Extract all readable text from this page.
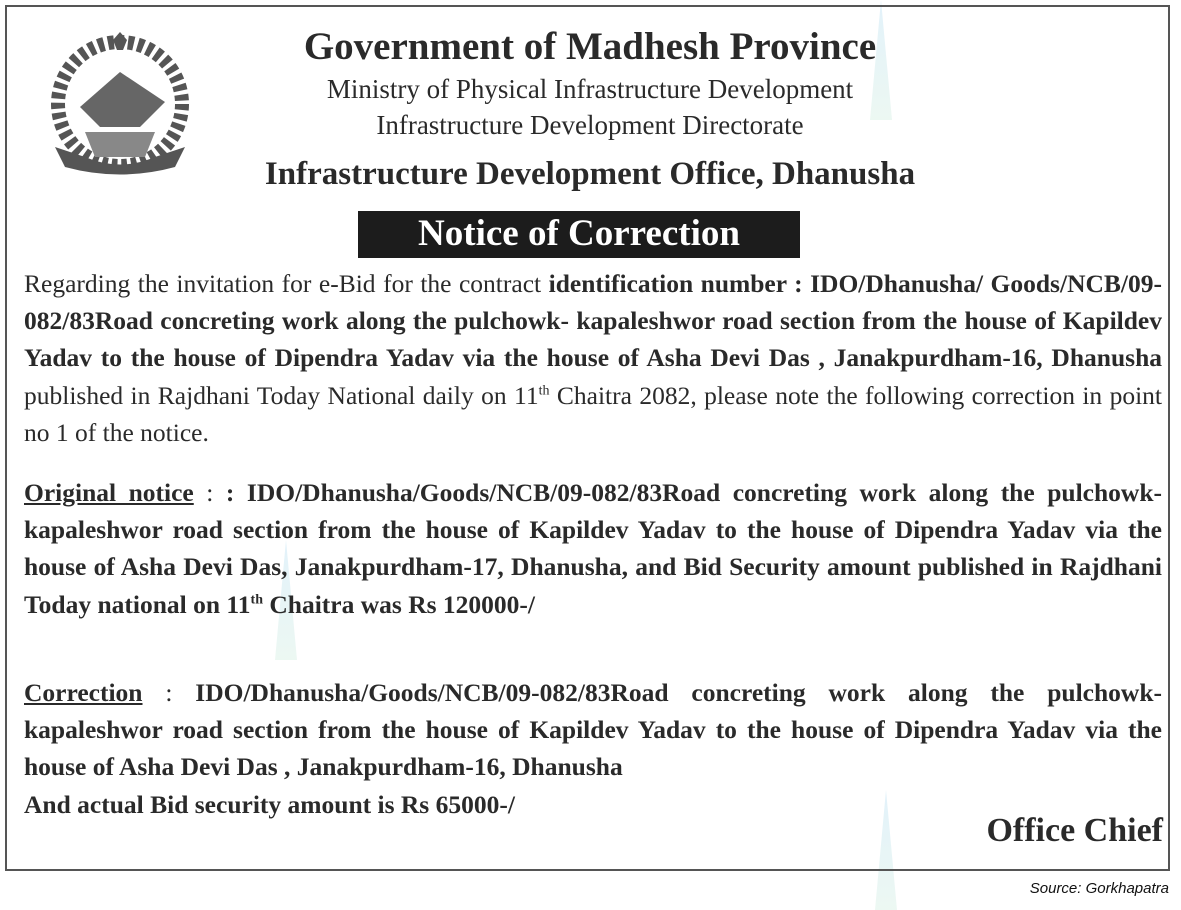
Government of Madhesh Province
Ministry of Physical Infrastructure Development
Infrastructure Development Directorate
Infrastructure Development Office, Dhanusha
Notice of Correction
Regarding the invitation for e-Bid for the contract identification number : IDO/Dhanusha/ Goods/NCB/09-082/83Road concreting work along the pulchowk- kapaleshwor road section from the house of Kapildev Yadav to the house of Dipendra Yadav via the house of Asha Devi Das , Janakpurdham-16, Dhanusha published in Rajdhani Today National daily on 11th Chaitra 2082, please note the following correction in point no 1 of the notice.
Original notice : : IDO/Dhanusha/Goods/NCB/09-082/83Road concreting work along the pulchowk- kapaleshwor road section from the house of Kapildev Yadav to the house of Dipendra Yadav via the house of Asha Devi Das, Janakpurdham-17, Dhanusha, and Bid Security amount published in Rajdhani Today national on 11th Chaitra was Rs 120000-/
Correction : IDO/Dhanusha/Goods/NCB/09-082/83Road concreting work along the pulchowk- kapaleshwor road section from the house of Kapildev Yadav to the house of Dipendra Yadav via the house of Asha Devi Das , Janakpurdham-16, Dhanusha
And actual Bid security amount is Rs 65000-/
Office Chief
Source: Gorkhapatra
